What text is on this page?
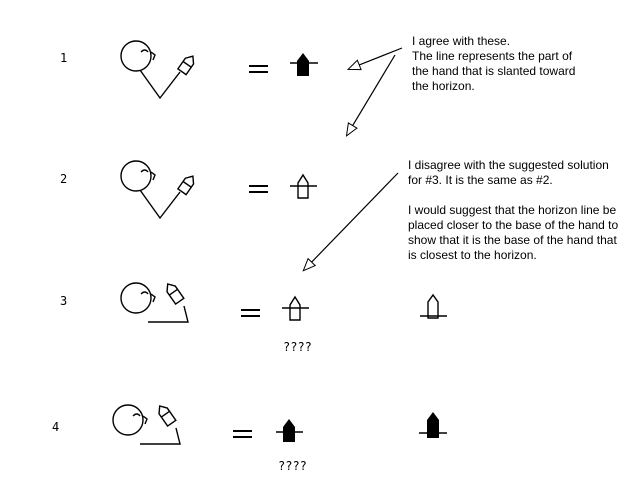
1
2
3
4
????
????
I agree with these.
The line represents the part of
the hand that is slanted toward
the horizon.
I disagree with the suggested solution
for #3. It is the same as #2.
I would suggest that the horizon line be
placed closer to the base of the hand to
show that it is the base of the hand that
is closest to the horizon.
